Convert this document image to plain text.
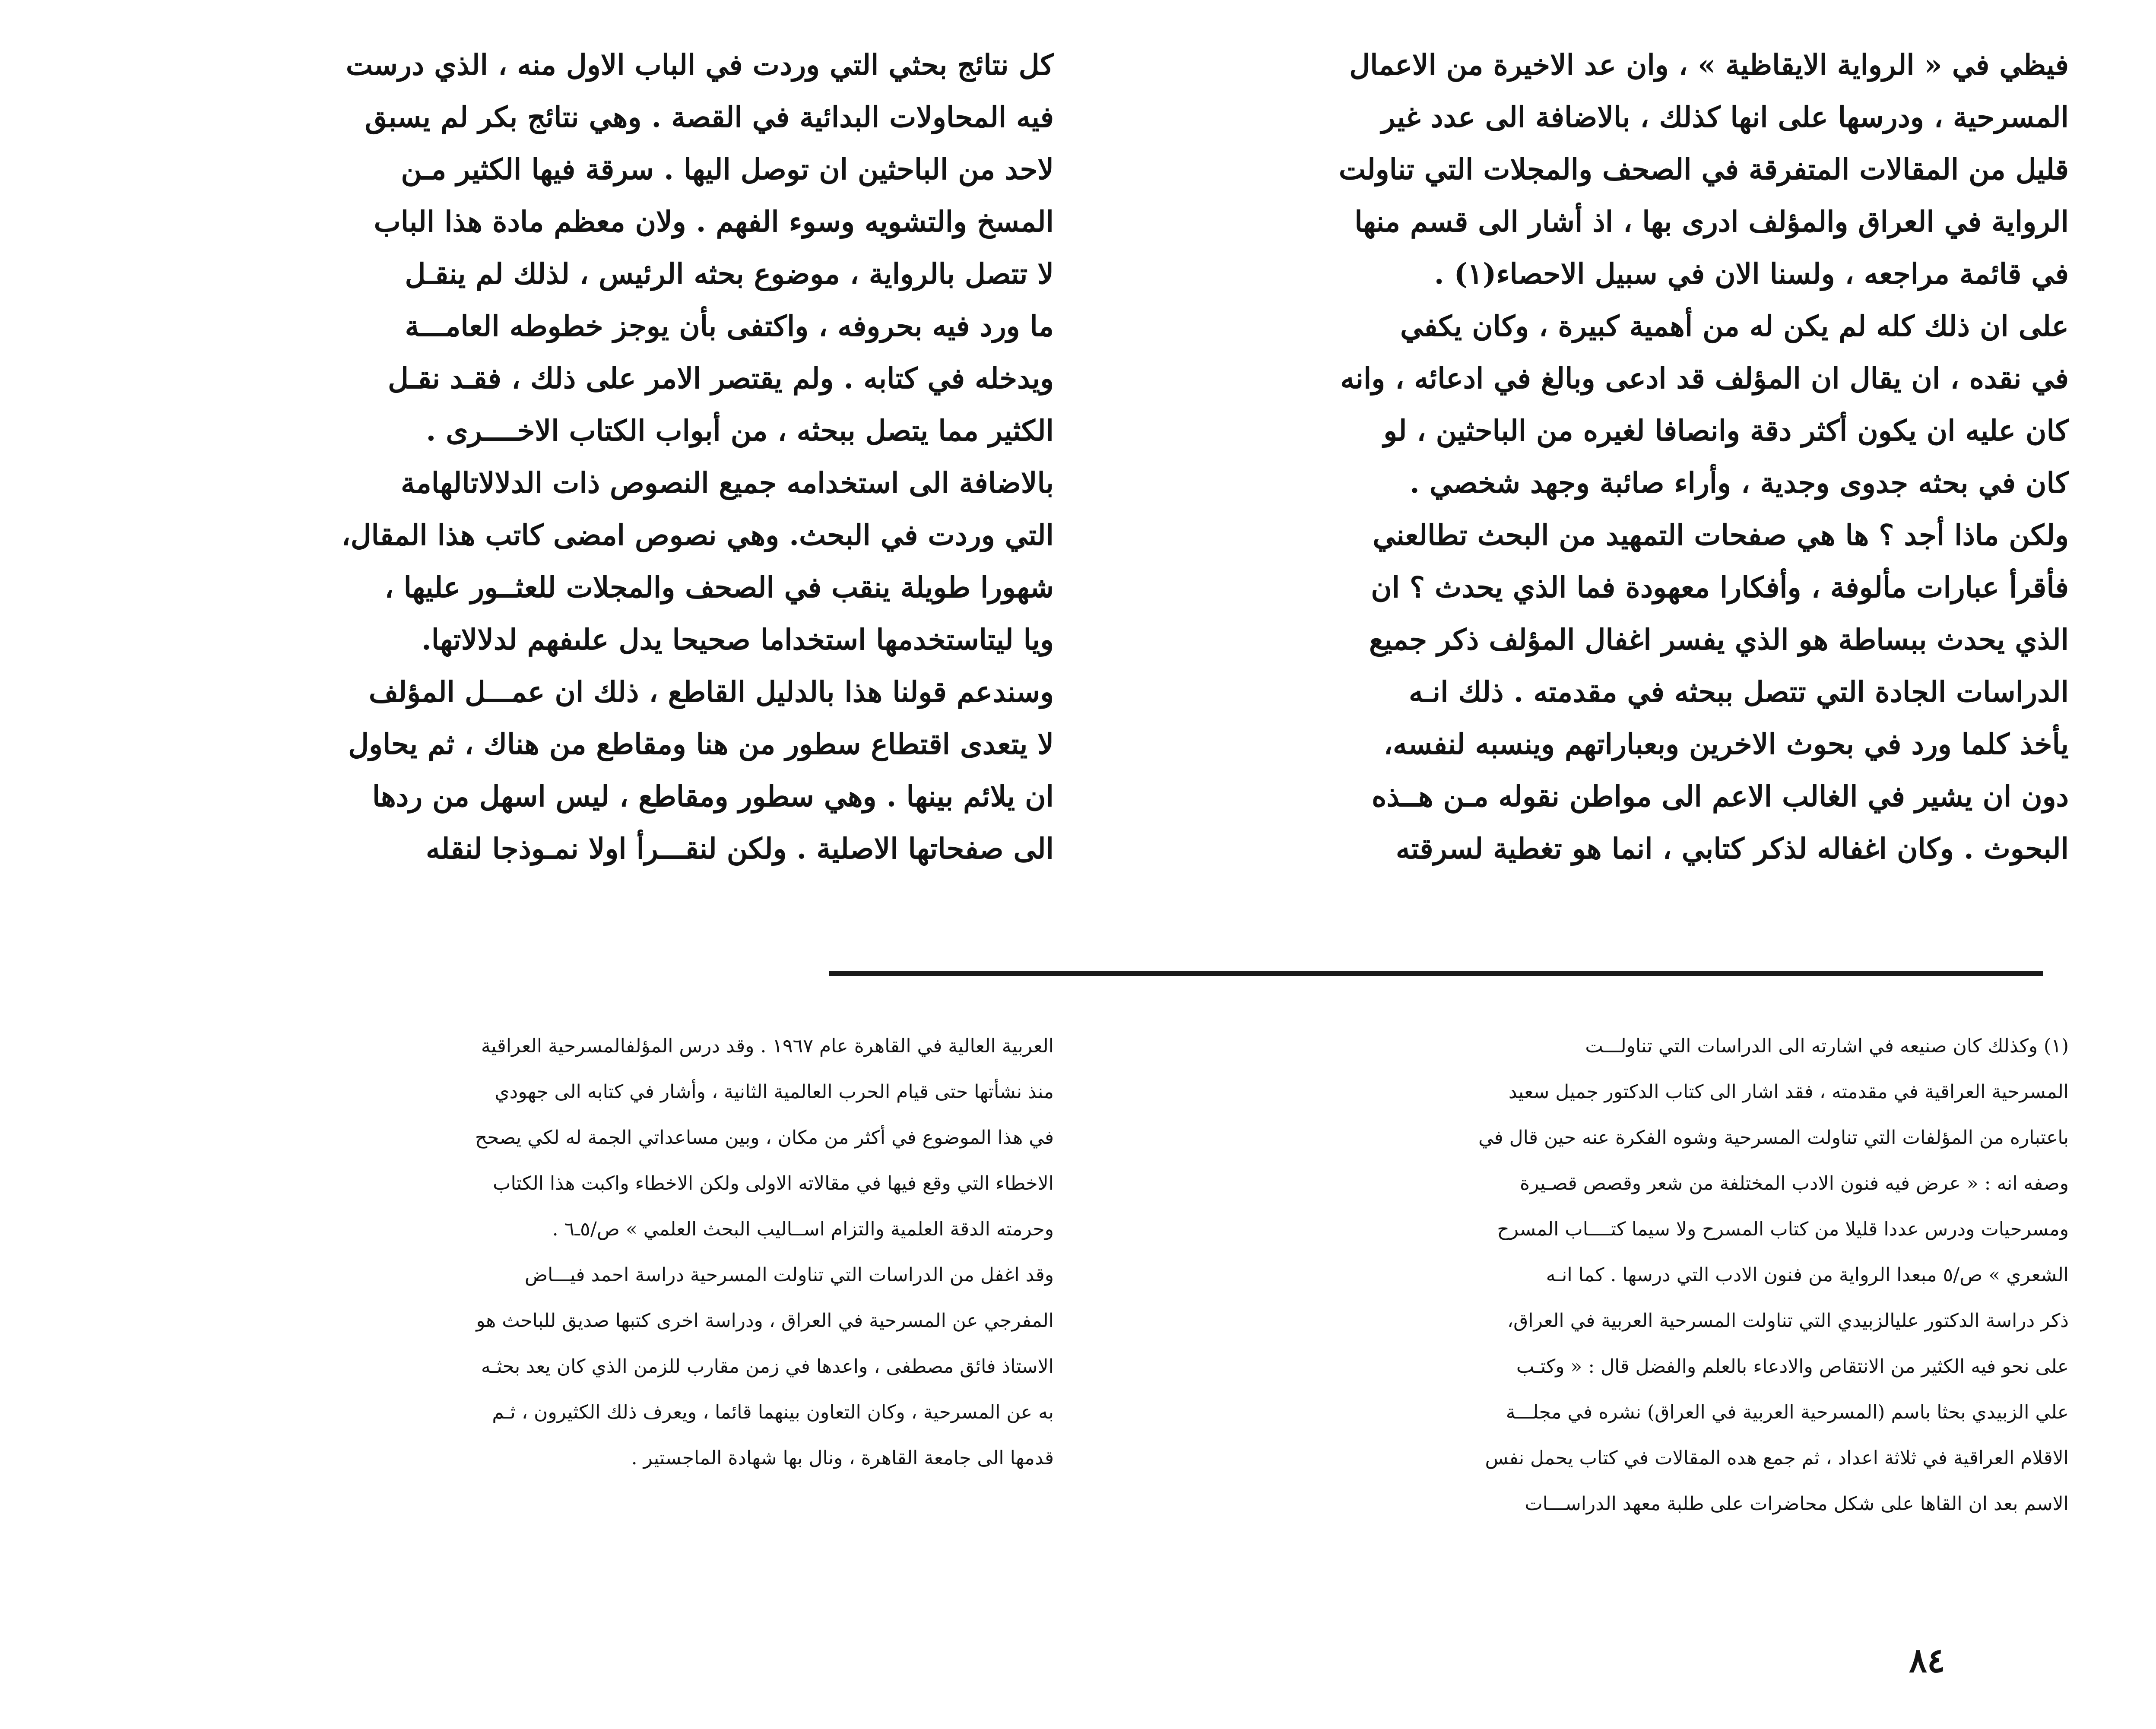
فيظي في « الرواية الايقاظية » ، وان عد الاخيرة من الاعمال

المسرحية ، ودرسها على انها كذلك ، بالاضافة الى عدد غير

قليل من المقالات المتفرقة في الصحف والمجلات التي تناولت

الرواية في العراق والمؤلف ادرى بها ، اذ أشار الى قسم منها

في قائمة مراجعه ، ولسنا الان في سبيل الاحصاء(١) .

على ان ذلك كله لم يكن له من أهمية كبيرة ، وكان يكفي

في نقده ، ان يقال ان المؤلف قد ادعى وبالغ في ادعائه ، وانه

كان عليه ان يكون أكثر دقة وانصافا لغيره من الباحثين ، لو

كان في بحثه جدوى وجدية ، وأراء صائبة وجهد شخصي .

ولكن ماذا أجد ؟ ها هي صفحات التمهيد من البحث تطالعني

فأقرأ عبارات مألوفة ، وأفكارا معهودة فما الذي يحدث ؟ ان

الذي يحدث ببساطة هو الذي يفسر اغفال المؤلف ذكر جميع

الدراسات الجادة التي تتصل ببحثه في مقدمته . ذلك انـه

يأخذ كلما ورد في بحوث الاخرين وبعباراتهم وينسبه لنفسه،

دون ان يشير في الغالب الاعم الى مواطن نقوله مـن هــذه

البحوث . وكان اغفاله لذكر كتابي ، انما هو تغطية لسرقته

كل نتائج بحثي التي وردت في الباب الاول منه ، الذي درست

فيه المحاولات البدائية في القصة . وهي نتائج بكر لم يسبق

لاحد من الباحثين ان توصل اليها . سرقة فيها الكثير مـن

المسخ والتشويه وسوء الفهم . ولان معظم مادة هذا الباب

لا تتصل بالرواية ، موضوع بحثه الرئيس ، لذلك لم ينقـل

ما ورد فيه بحروفه ، واكتفى بأن يوجز خطوطه العامـــة

ويدخله في كتابه . ولم يقتصر الامر على ذلك ، فقـد نقـل

الكثير مما يتصل ببحثه ، من أبواب الكتاب الاخــــرى .

بالاضافة الى استخدامه جميع النصوص ذات الدلالاتالهامة

التي وردت في البحث. وهي نصوص امضى كاتب هذا المقال،

شهورا طويلة ينقب في الصحف والمجلات للعثــور عليها ،

ويا ليتاستخدمها استخداما صحيحا يدل علىفهم لدلالاتها.

وسندعم قولنا هذا بالدليل القاطع ، ذلك ان عمـــل المؤلف

لا يتعدى اقتطاع سطور من هنا ومقاطع من هناك ، ثم يحاول

ان يلائم بينها . وهي سطور ومقاطع ، ليس اسهل من ردها

الى صفحاتها الاصلية . ولكن لنقـــرأ اولا نمـوذجا لنقله

(١) وكذلك كان صنيعه في اشارته الى الدراسات التي تناولـــت

المسرحية العراقية في مقدمته ، فقد اشار الى كتاب الدكتور جميل سعيد

باعتباره من المؤلفات التي تناولت المسرحية وشوه الفكرة عنه حين قال في

وصفه انه : « عرض فيه فنون الادب المختلفة من شعر وقصص قصـيرة

ومسرحيات ودرس عددا قليلا من كتاب المسرح ولا سيما كتــــاب المسرح

الشعري » ص/٥ مبعدا الرواية من فنون الادب التي درسها . كما انـه

ذكر دراسة الدكتور عليالزبيدي التي تناولت المسرحية العربية في العراق،

على نحو فيه الكثير من الانتقاص والادعاء بالعلم والفضل قال : « وكتـب

علي الزبيدي بحثا باسم (المسرحية العربية في العراق) نشره في مجلـــة

الاقلام العراقية في ثلاثة اعداد ، ثم جمع هده المقالات في كتاب يحمل نفس

الاسم بعد ان القاها على شكل محاضرات على طلبة معهد الدراســـات

العربية العالية في القاهرة عام ١٩٦٧ . وقد درس المؤلفالمسرحية العراقية

منذ نشأتها حتى قيام الحرب العالمية الثانية ، وأشار في كتابه الى جهودي

في هذا الموضوع في أكثر من مكان ، وبين مساعداتي الجمة له لكي يصحح

الاخطاء التي وقع فيها في مقالاته الاولى ولكن الاخطاء واكبت هذا الكتاب

وحرمته الدقة العلمية والتزام اســاليب البحث العلمي » ص/٥ـ٦ .

وقد اغفل من الدراسات التي تناولت المسرحية دراسة احمد فيـــاض

المفرجي عن المسرحية في العراق ، ودراسة اخرى كتبها صديق للباحث هو

الاستاذ فائق مصطفى ، واعدها في زمن مقارب للزمن الذي كان يعد بحثـه

به عن المسرحية ، وكان التعاون بينهما قائما ، ويعرف ذلك الكثيرون ، ثـم

قدمها الى جامعة القاهرة ، ونال بها شهادة الماجستير .

٨٤
